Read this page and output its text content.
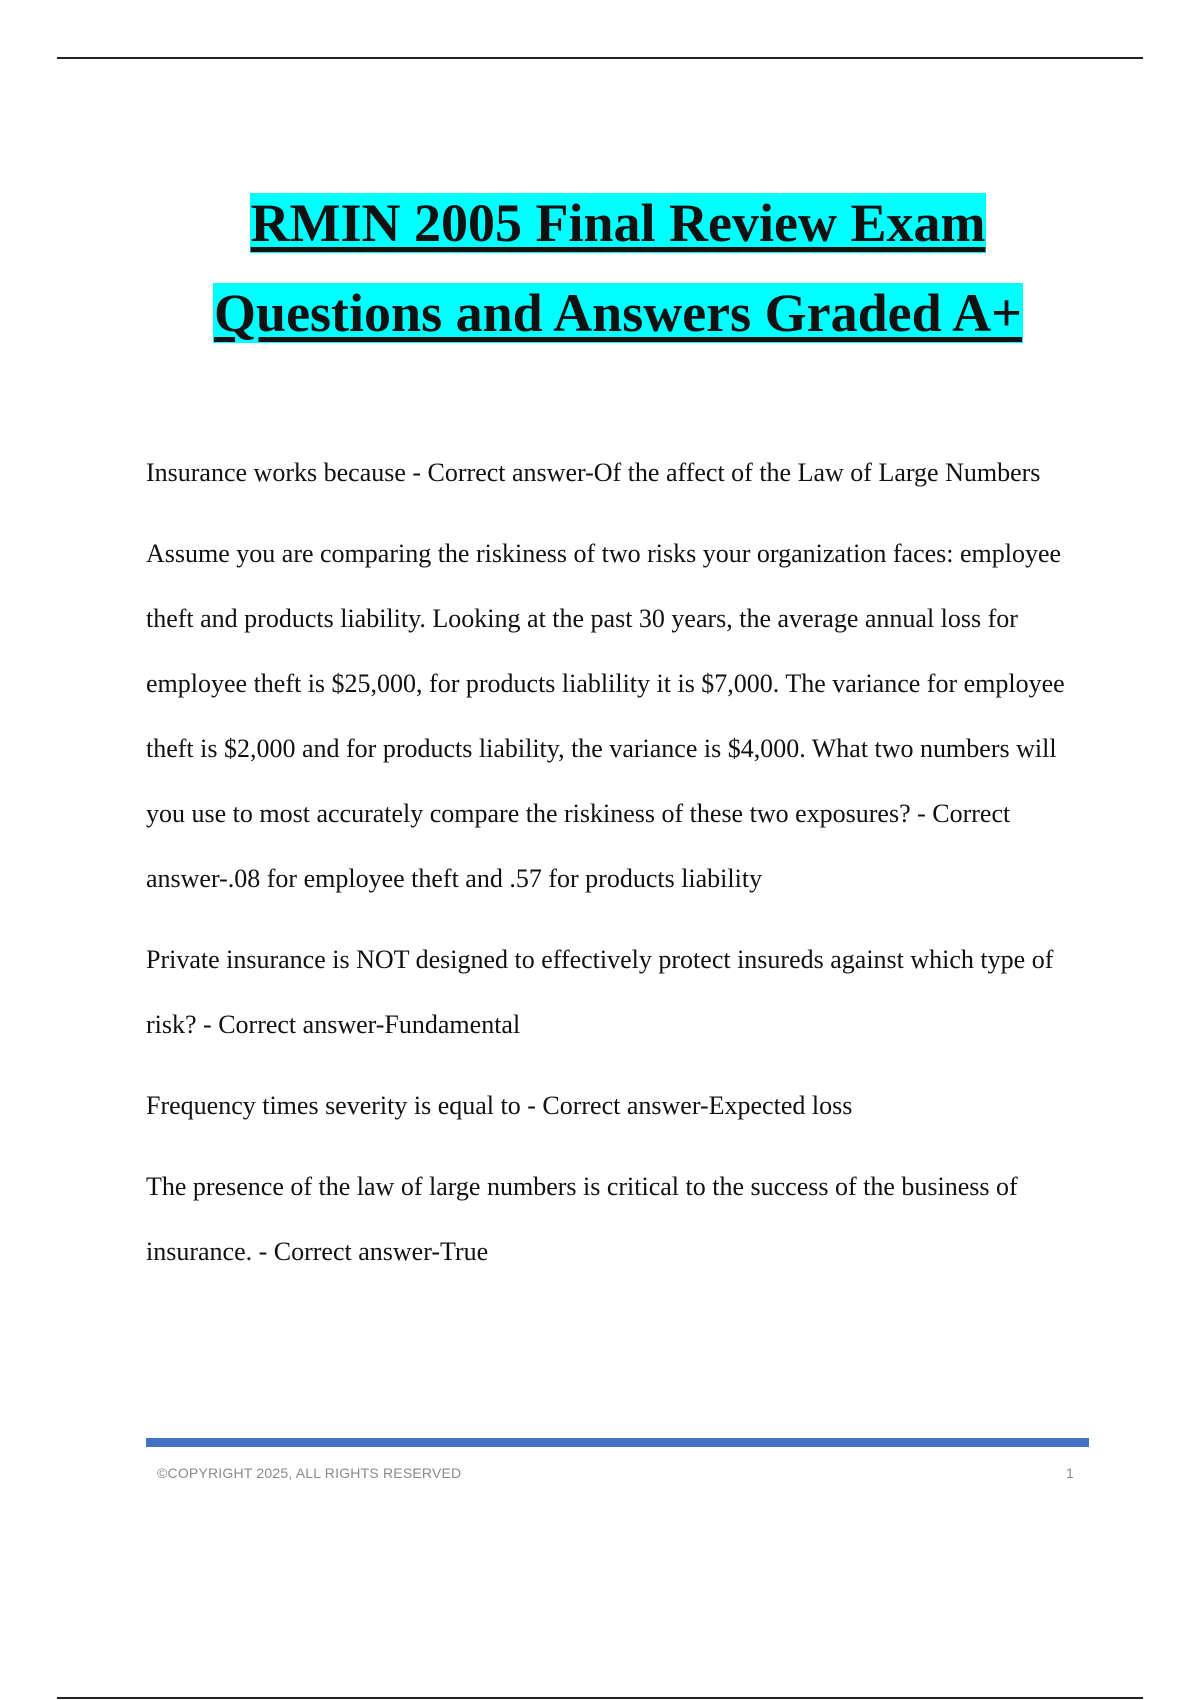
RMIN 2005 Final Review Exam
Questions and Answers Graded A+

Insurance works because - Correct answer-Of the affect of the Law of Large Numbers

Assume you are comparing the riskiness of two risks your organization faces: employee theft and products liability. Looking at the past 30 years, the average annual loss for employee theft is $25,000, for products liablility it is $7,000. The variance for employee theft is $2,000 and for products liability, the variance is $4,000. What two numbers will you use to most accurately compare the riskiness of these two exposures? - Correct answer-.08 for employee theft and .57 for products liability

Private insurance is NOT designed to effectively protect insureds against which type of risk? - Correct answer-Fundamental

Frequency times severity is equal to - Correct answer-Expected loss

The presence of the law of large numbers is critical to the success of the business of insurance. - Correct answer-True

©COPYRIGHT 2025, ALL RIGHTS RESERVED	1
